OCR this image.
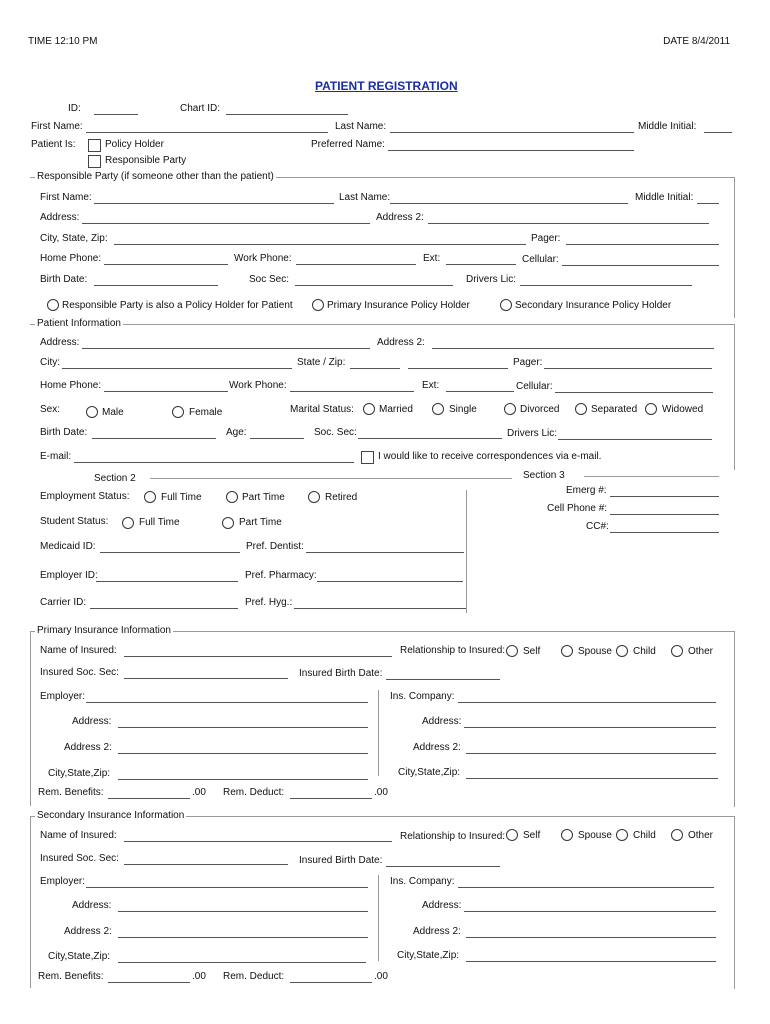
TIME 12:10 PM	DATE 8/4/2011
PATIENT REGISTRATION
ID:	Chart ID:
First Name:	Last Name:	Middle Initial:
Patient Is:	Policy Holder
Responsible Party
Preferred Name:
Responsible Party (if someone other than the patient)
First Name:	Last Name:	Middle Initial:
Address:	Address 2:
City, State, Zip:	Pager:
Home Phone:	Work Phone:	Ext:	Cellular:
Birth Date:	Soc Sec:	Drivers Lic:
Responsible Party is also a Policy Holder for Patient	Primary Insurance Policy Holder	Secondary Insurance Policy Holder
Patient Information
Address:	Address 2:
City:	State / Zip:	Pager:
Home Phone:	Work Phone:	Ext:	Cellular:
Sex:	Male	Female	Marital Status:	Married	Single	Divorced	Separated Widowed
Birth Date:	Age:	Soc. Sec:	Drivers Lic:
E-mail:	I would like to receive correspondences via e-mail.
Section 2
Employment Status:	Full Time	Part Time	Retired
Student Status:	Full Time	Part Time
Medicaid ID:	Pref. Dentist:
Employer ID:	Pref. Pharmacy:
Carrier ID:	Pref. Hyg.:
Section 3
Emerg #:
Cell Phone #:
CC#:
Primary Insurance Information
Name of Insured:	Relationship to Insured: Self	Spouse Child	Other
Insured Soc. Sec:	Insured Birth Date:
Employer:	Ins. Company:
Address:	Address:
Address 2:	Address 2:
City,State,Zip:	City,State,Zip:
Rem. Benefits:	.00 Rem. Deduct:	.00
Secondary Insurance Information
Name of Insured:	Relationship to Insured: Self	Spouse Child	Other
Insured Soc. Sec:	Insured Birth Date:
Employer:	Ins. Company:
Address:	Address:
Address 2:	Address 2:
City,State,Zip:	City,State,Zip:
Rem. Benefits:	.00 Rem. Deduct:	.00
